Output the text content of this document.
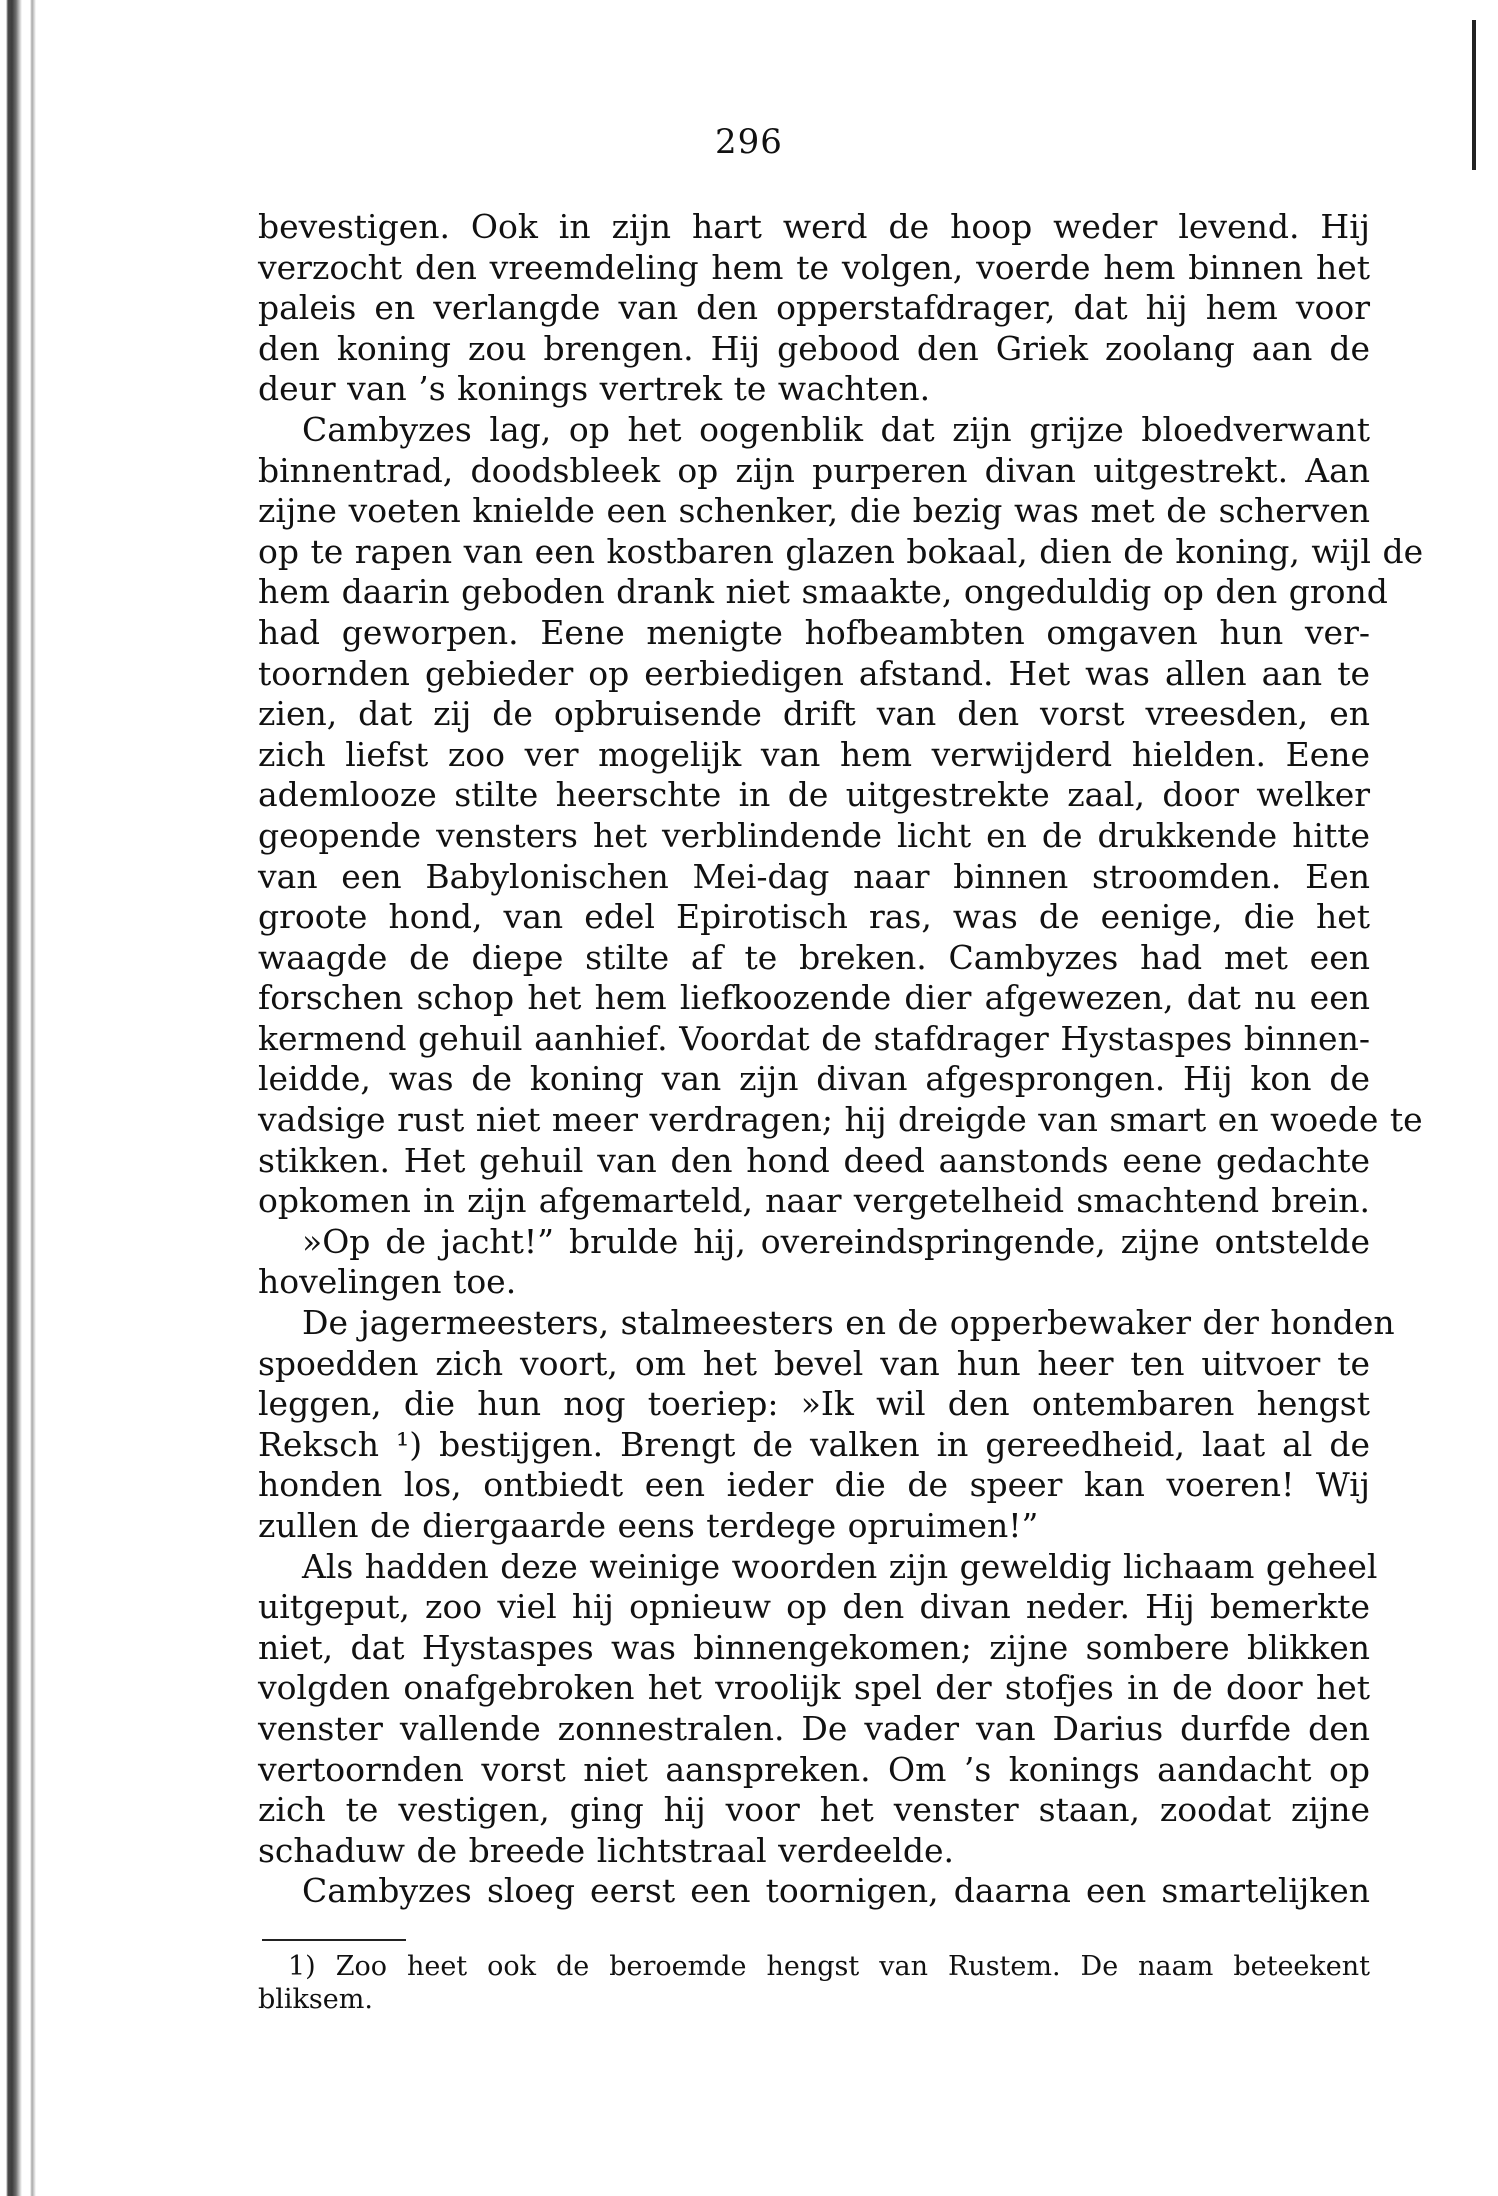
296
bevestigen. Ook in zijn hart werd de hoop weder levend. Hij
verzocht den vreemdeling hem te volgen, voerde hem binnen het
paleis en verlangde van den opperstafdrager, dat hij hem voor
den koning zou brengen. Hij gebood den Griek zoolang aan de
deur van ’s konings vertrek te wachten.
Cambyzes lag, op het oogenblik dat zijn grijze bloedverwant
binnentrad, doodsbleek op zijn purperen divan uitgestrekt. Aan
zijne voeten knielde een schenker, die bezig was met de scherven
op te rapen van een kostbaren glazen bokaal, dien de koning, wijl de
hem daarin geboden drank niet smaakte, ongeduldig op den grond
had geworpen. Eene menigte hofbeambten omgaven hun ver-
toornden gebieder op eerbiedigen afstand. Het was allen aan te
zien, dat zij de opbruisende drift van den vorst vreesden, en
zich liefst zoo ver mogelijk van hem verwijderd hielden. Eene
ademlooze stilte heerschte in de uitgestrekte zaal, door welker
geopende vensters het verblindende licht en de drukkende hitte
van een Babylonischen Mei-dag naar binnen stroomden. Een
groote hond, van edel Epirotisch ras, was de eenige, die het
waagde de diepe stilte af te breken. Cambyzes had met een
forschen schop het hem liefkoozende dier afgewezen, dat nu een
kermend gehuil aanhief. Voordat de stafdrager Hystaspes binnen-
leidde, was de koning van zijn divan afgesprongen. Hij kon de
vadsige rust niet meer verdragen; hij dreigde van smart en woede te
stikken. Het gehuil van den hond deed aanstonds eene gedachte
opkomen in zijn afgemarteld, naar vergetelheid smachtend brein.
»Op de jacht!” brulde hij, overeindspringende, zijne ontstelde
hovelingen toe.
De jagermeesters, stalmeesters en de opperbewaker der honden
spoedden zich voort, om het bevel van hun heer ten uitvoer te
leggen, die hun nog toeriep: »Ik wil den ontembaren hengst
Reksch ¹) bestijgen. Brengt de valken in gereedheid, laat al de
honden los, ontbiedt een ieder die de speer kan voeren! Wij
zullen de diergaarde eens terdege opruimen!”
Als hadden deze weinige woorden zijn geweldig lichaam geheel
uitgeput, zoo viel hij opnieuw op den divan neder. Hij bemerkte
niet, dat Hystaspes was binnengekomen; zijne sombere blikken
volgden onafgebroken het vroolijk spel der stofjes in de door het
venster vallende zonnestralen. De vader van Darius durfde den
vertoornden vorst niet aanspreken. Om ’s konings aandacht op
zich te vestigen, ging hij voor het venster staan, zoodat zijne
schaduw de breede lichtstraal verdeelde.
Cambyzes sloeg eerst een toornigen, daarna een smartelijken
1) Zoo heet ook de beroemde hengst van Rustem. De naam beteekent
bliksem.
